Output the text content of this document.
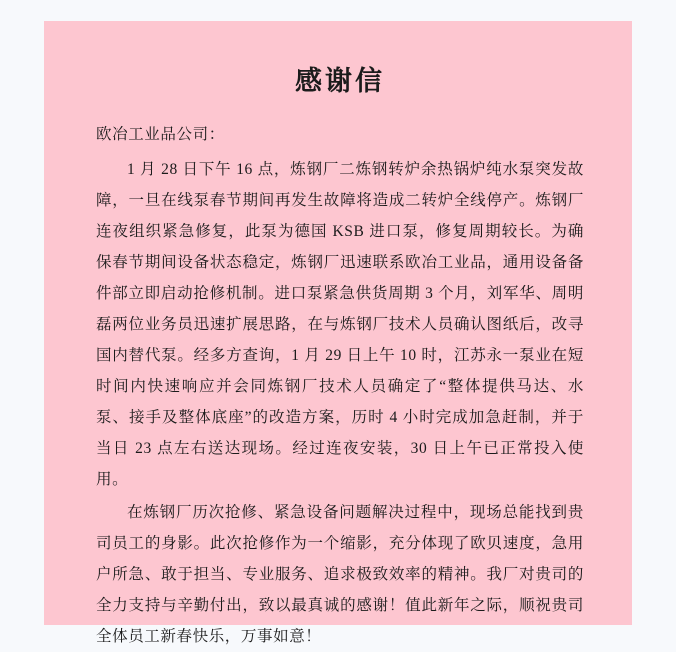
感谢信
欧冶工业品公司：

1 月 28 日下午 16 点，炼钢厂二炼钢转炉余热锅炉纯水泵突发故障，一旦在线泵春节期间再发生故障将造成二转炉全线停产。炼钢厂连夜组织紧急修复，此泵为德国 KSB 进口泵，修复周期较长。为确保春节期间设备状态稳定，炼钢厂迅速联系欧冶工业品，通用设备备件部立即启动抢修机制。进口泵紧急供货周期 3 个月，刘军华、周明磊两位业务员迅速扩展思路，在与炼钢厂技术人员确认图纸后，改寻国内替代泵。经多方查询，1 月 29 日上午 10 时，江苏永一泵业在短时间内快速响应并会同炼钢厂技术人员确定了“整体提供马达、水泵、接手及整体底座”的改造方案，历时 4 小时完成加急赶制，并于当日 23 点左右送达现场。经过连夜安装，30 日上午已正常投入使用。

在炼钢厂历次抢修、紧急设备问题解决过程中，现场总能找到贵司员工的身影。此次抢修作为一个缩影，充分体现了欧贝速度，急用户所急、敢于担当、专业服务、追求极致效率的精神。我厂对贵司的全力支持与辛勤付出，致以最真诚的感谢！值此新年之际，顺祝贵司全体员工新春快乐，万事如意！
